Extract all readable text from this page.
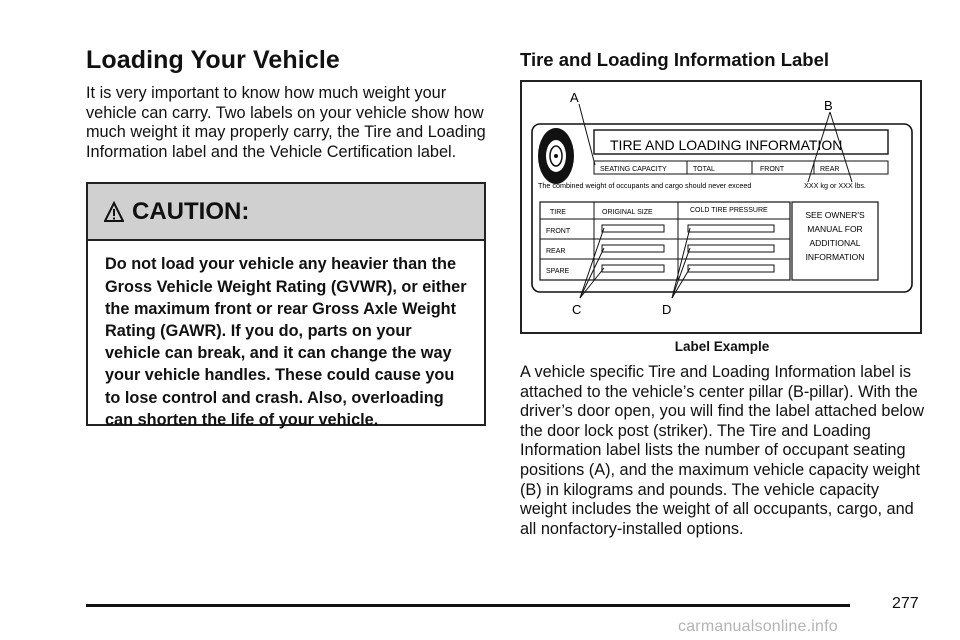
Loading Your Vehicle

It is very important to know how much weight your vehicle can carry. Two labels on your vehicle show how much weight it may properly carry, the Tire and Loading Information label and the Vehicle Certification label.

CAUTION:
Do not load your vehicle any heavier than the Gross Vehicle Weight Rating (GVWR), or either the maximum front or rear Gross Axle Weight Rating (GAWR). If you do, parts on your vehicle can break, and it can change the way your vehicle handles. These could cause you to lose control and crash. Also, overloading can shorten the life of your vehicle.
Tire and Loading Information Label
TIRE AND LOADING INFORMATION
SEATING CAPACITY	TOTAL	FRONT	REAR
The combined weight of occupants and cargo should never exceed	XXX kg or XXX lbs.
TIRE	ORIGINAL SIZE	COLD TIRE PRESSURE
FRONT
REAR
SPARE
SEE OWNER'S
MANUAL FOR
ADDITIONAL
INFORMATION
A
B
C	D
Label Example

A vehicle specific Tire and Loading Information label is attached to the vehicle’s center pillar (B-pillar). With the driver’s door open, you will find the label attached below the door lock post (striker). The Tire and Loading Information label lists the number of occupant seating positions (A), and the maximum vehicle capacity weight (B) in kilograms and pounds. The vehicle capacity weight includes the weight of all occupants, cargo, and all nonfactory-installed options.

277
carmanualsonline.info
